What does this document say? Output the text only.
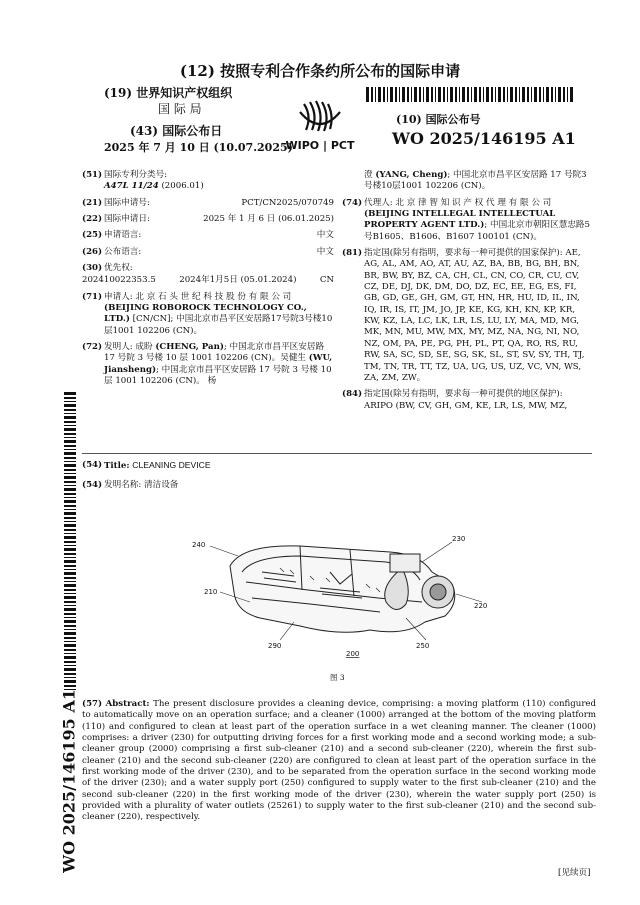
(12) 按照专利合作条约所公布的国际申请
(19) 世界知识产权组织
国 际 局
(43) 国际公布日
2025 年 7 月 10 日 (10.07.2025)
WIPO | PCT
(10) 国际公布号
WO 2025/146195 A1
WO 2025/146195 A1
(51) 国际专利分类号:
A47L 11/24 (2006.01)
(21) 国际申请号:	PCT/CN2025/070749
(22) 国际申请日:	2025 年 1 月 6 日 (06.01.2025)
(25) 申请语言:	中文
(26) 公布语言:	中文
(30) 优先权:
202410022353.5	2024年1月5日 (05.01.2024)	CN
(71) 申请人: 北 京 石 头 世 纪 科 技 股 份 有 限 公 司 (BEIJING ROBOROCK TECHNOLOGY CO., LTD.) [CN/CN]; 中国北京市昌平区安居路17号院3号楼10层1001 102206 (CN)。
(72) 发明人: 成盼 (CHENG, Pan); 中国北京市昌平区安居路 17 号院 3 号楼 10 层 1001 102206 (CN)。吴健生 (WU, Jiansheng); 中国北京市昌平区安居路 17 号院 3 号楼 10 层 1001 102206 (CN)。 杨
澄 (YANG, Cheng); 中国北京市昌平区安居路 17 号院3号楼10层1001 102206 (CN)。
(74) 代理人: 北 京 律 智 知 识 产 权 代 理 有 限 公 司 (BEIJING INTELLEGAL INTELLECTUAL PROPERTY AGENT LTD.); 中国北京市朝阳区慧忠路5号B1605、B1606、B1607 100101 (CN)。
(81) 指定国(除另有指明，要求每一种可提供的国家保护): AE, AG, AL, AM, AO, AT, AU, AZ, BA, BB, BG, BH, BN, BR, BW, BY, BZ, CA, CH, CL, CN, CO, CR, CU, CV, CZ, DE, DJ, DK, DM, DO, DZ, EC, EE, EG, ES, FI, GB, GD, GE, GH, GM, GT, HN, HR, HU, ID, IL, IN, IQ, IR, IS, IT, JM, JO, JP, KE, KG, KH, KN, KP, KR, KW, KZ, LA, LC, LK, LR, LS, LU, LY, MA, MD, MG, MK, MN, MU, MW, MX, MY, MZ, NA, NG, NI, NO, NZ, OM, PA, PE, PG, PH, PL, PT, QA, RO, RS, RU, RW, SA, SC, SD, SE, SG, SK, SL, ST, SV, SY, TH, TJ, TM, TN, TR, TT, TZ, UA, UG, US, UZ, VC, VN, WS, ZA, ZM, ZW。
(84) 指定国(除另有指明，要求每一种可提供的地区保护): ARIPO (BW, CV, GH, GM, KE, LR, LS, MW, MZ,
(54) Title: CLEANING DEVICE
(54) 发明名称: 清洁设备
240
230
210
220
290	250
200
图 3
(57) Abstract: The present disclosure provides a cleaning device, comprising: a moving platform (110) configured to automatically move on an operation surface; and a cleaner (1000) arranged at the bottom of the moving platform (110) and configured to clean at least part of the operation surface in a wet cleaning manner. The cleaner (1000) comprises: a driver (230) for outputting driving forces for a first working mode and a second working mode; a sub-cleaner group (2000) comprising a first sub-cleaner (210) and a second sub-cleaner (220), wherein the first sub-cleaner (210) and the second sub-cleaner (220) are configured to clean at least part of the operation surface in the first working mode of the driver (230), and to be separated from the operation surface in the second working mode of the driver (230); and a water supply port (250) configured to supply water to the first sub-cleaner (210) and the second sub-cleaner (220) in the first working mode of the driver (230), wherein the water supply port (250) is provided with a plurality of water outlets (25261) to supply water to the first sub-cleaner (210) and the second sub-cleaner (220), respectively.
[见续页]
